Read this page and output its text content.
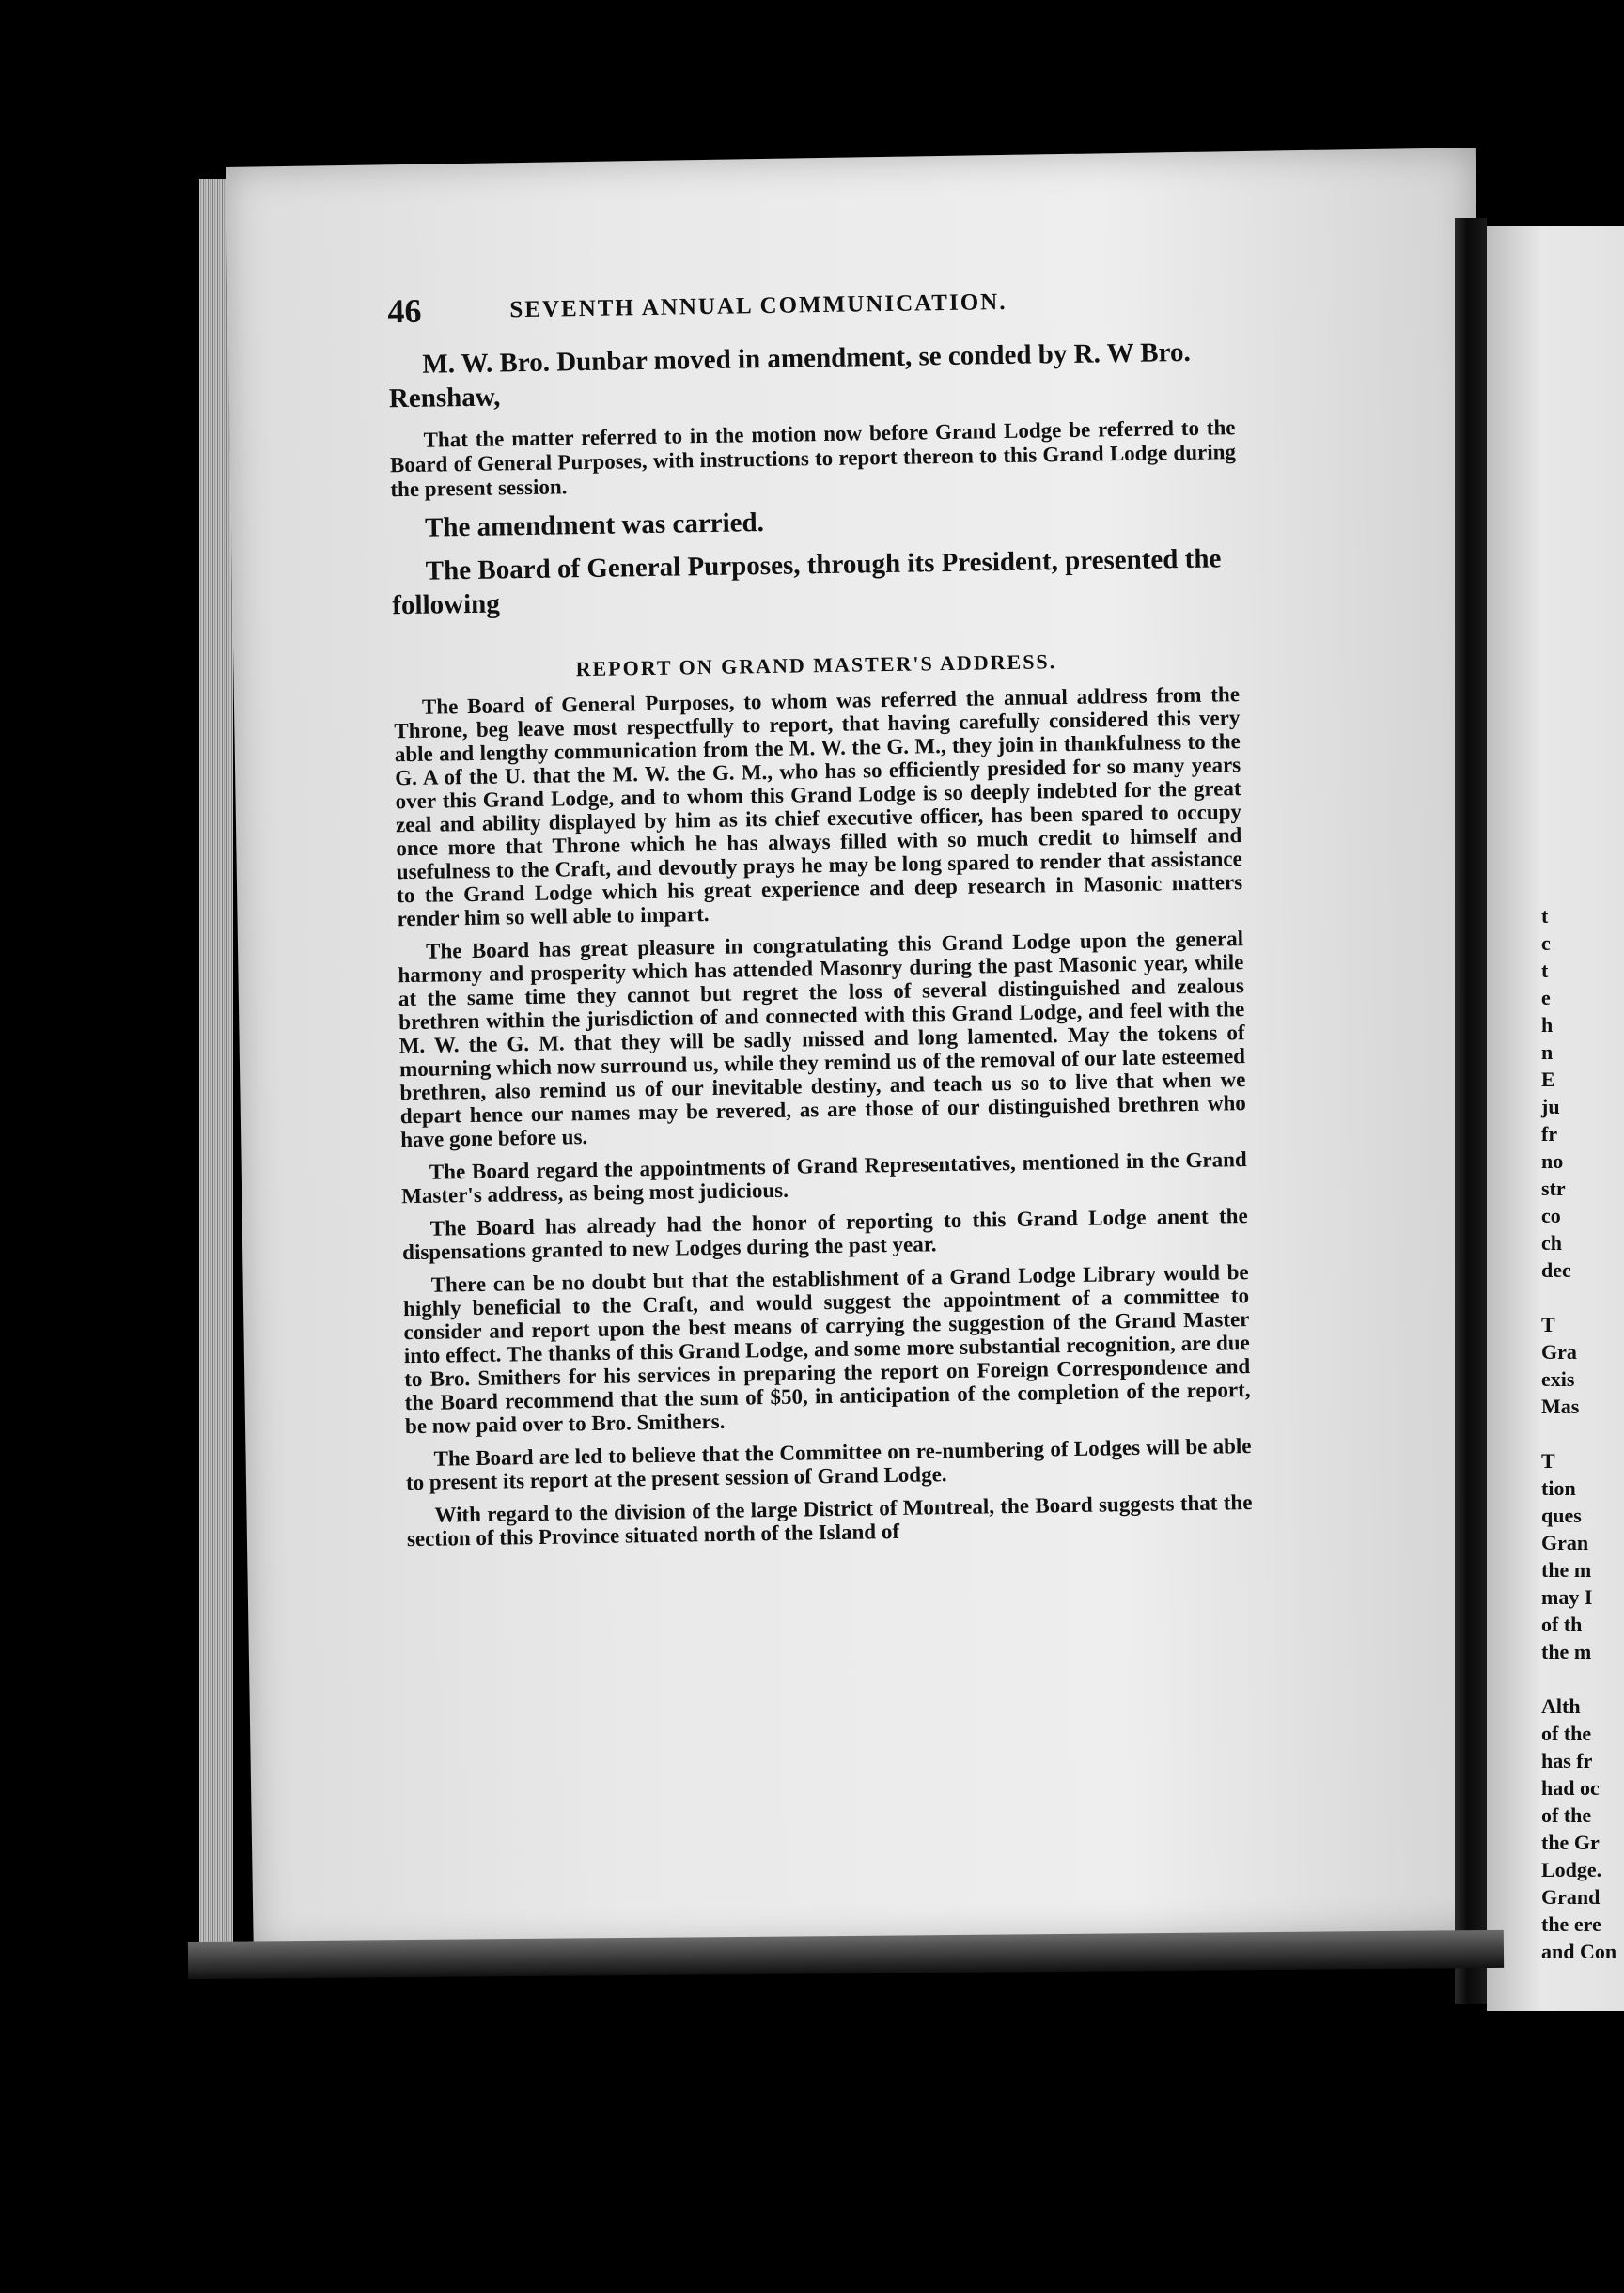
46	SEVENTH ANNUAL COMMUNICATION.

M. W. Bro. Dunbar moved in amendment, se conded by R. W Bro. Renshaw,

That the matter referred to in the motion now before Grand Lodge be referred to the Board of General Purposes, with instructions to report thereon to this Grand Lodge during the present session.

The amendment was carried.

The Board of General Purposes, through its President, presented the following

REPORT ON GRAND MASTER'S ADDRESS.

The Board of General Purposes, to whom was referred the annual address from the Throne, beg leave most respectfully to report, that having carefully considered this very able and lengthy communication from the M. W. the G. M., they join in thankfulness to the G. A of the U. that the M. W. the G. M., who has so efficiently presided for so many years over this Grand Lodge, and to whom this Grand Lodge is so deeply indebted for the great zeal and ability displayed by him as its chief executive officer, has been spared to occupy once more that Throne which he has always filled with so much credit to himself and usefulness to the Craft, and devoutly prays he may be long spared to render that assistance to the Grand Lodge which his great experience and deep research in Masonic matters render him so well able to impart.

The Board has great pleasure in congratulating this Grand Lodge upon the general harmony and prosperity which has attended Masonry during the past Masonic year, while at the same time they cannot but regret the loss of several distinguished and zealous brethren within the jurisdiction of and connected with this Grand Lodge, and feel with the M. W. the G. M. that they will be sadly missed and long lamented. May the tokens of mourning which now surround us, while they remind us of the removal of our late esteemed brethren, also remind us of our inevitable destiny, and teach us so to live that when we depart hence our names may be revered, as are those of our distinguished brethren who have gone before us.

The Board regard the appointments of Grand Representatives, mentioned in the Grand Master's address, as being most judicious.

The Board has already had the honor of reporting to this Grand Lodge anent the dispensations granted to new Lodges during the past year.

There can be no doubt but that the establishment of a Grand Lodge Library would be highly beneficial to the Craft, and would suggest the appointment of a committee to consider and report upon the best means of carrying the suggestion of the Grand Master into effect. The thanks of this Grand Lodge, and some more substantial recognition, are due to Bro. Smithers for his services in preparing the report on Foreign Correspondence and the Board recommend that the sum of $50, in anticipation of the completion of the report, be now paid over to Bro. Smithers.

The Board are led to believe that the Committee on re-numbering of Lodges will be able to present its report at the present session of Grand Lodge.

With regard to the division of the large District of Montreal, the Board suggests that the section of this Province situated north of the Island of

t
c
t
e
h
n
E
ju
fr
no
str
co
ch
dec

T
Gra
exis
Mas

T
tion
ques
Gran
the m
may I
of th
the m

Alth
of the
has fr
had oc
of the
the Gr
Lodge.
Grand
the ere
and Con
